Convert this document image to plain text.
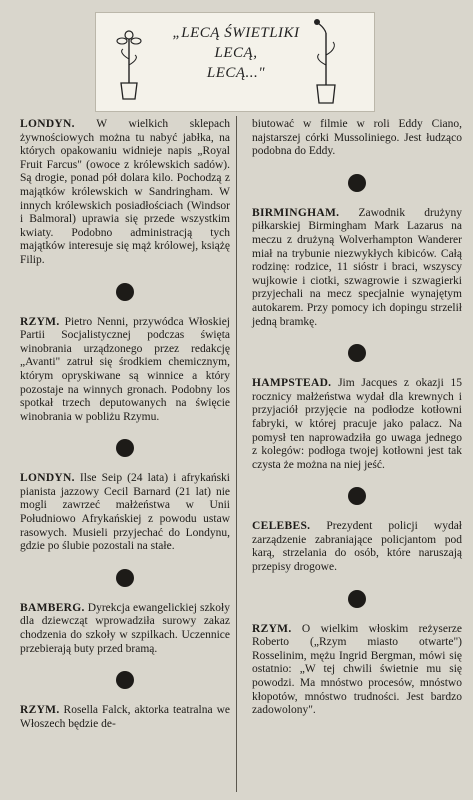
„LECĄ ŚWIETLIKI
LECĄ,
LECĄ..."

LONDYN. W wielkich sklepach żywnościowych można tu nabyć jabłka, na których opakowaniu widnieje napis „Royal Fruit Farcus" (owoce z królewskich sadów). Są drogie, ponad pół dolara kilo. Pochodzą z majątków królewskich w Sandringham. W innych królewskich posiadłościach (Windsor i Balmoral) uprawia się przede wszystkim kwiaty. Podobno administracją tych majątków interesuje się mąż królowej, książę Filip.

RZYM. Pietro Nenni, przywódca Włoskiej Partii Socjalistycznej podczas święta winobrania urządzonego przez redakcję „Avanti" zatruł się środkiem chemicznym, którym opryskiwane są winnice a który pozostaje na winnych gronach. Podobny los spotkał trzech deputowanych na święcie winobrania w pobliżu Rzymu.

LONDYN. Ilse Seip (24 lata) i afrykański pianista jazzowy Cecil Barnard (21 lat) nie mogli zawrzeć małżeństwa w Unii Południowo Afrykańskiej z powodu ustaw rasowych. Musieli przyjechać do Londynu, gdzie po ślubie pozostali na stałe.

BAMBERG. Dyrekcja ewangelickiej szkoły dla dziewcząt wprowadziła surowy zakaz chodzenia do szkoły w szpilkach. Uczennice przebierają buty przed bramą.

RZYM. Rosella Falck, aktorka teatralna we Włoszech będzie de-

biutować w filmie w roli Eddy Ciano, najstarszej córki Mussoliniego. Jest łudząco podobna do Eddy.

BIRMINGHAM. Zawodnik drużyny piłkarskiej Birmingham Mark Lazarus na meczu z drużyną Wolverhampton Wanderer miał na trybunie niezwykłych kibiców. Całą rodzinę: rodzice, 11 sióstr i braci, wszyscy wujkowie i ciotki, szwagrowie i szwagierki przyjechali na mecz specjalnie wynajętym autokarem. Przy pomocy ich dopingu strzelił jedną bramkę.

HAMPSTEAD. Jim Jacques z okazji 15 rocznicy małżeństwa wydał dla krewnych i przyjaciół przyjęcie na podłodze kotłowni fabryki, w której pracuje jako palacz. Na pomysł ten naprowadziła go uwaga jednego z kolegów: podłoga twojej kotłowni jest tak czysta że można na niej jeść.

CELEBES. Prezydent policji wydał zarządzenie zabraniające policjantom pod karą, strzelania do osób, które naruszają przepisy drogowe.

RZYM. O wielkim włoskim reżyserze Roberto („Rzym miasto otwarte") Rosselinim, mężu Ingrid Bergman, mówi się ostatnio: „W tej chwili świetnie mu się powodzi. Ma mnóstwo procesów, mnóstwo kłopotów, mnóstwo trudności. Jest bardzo zadowolony".
